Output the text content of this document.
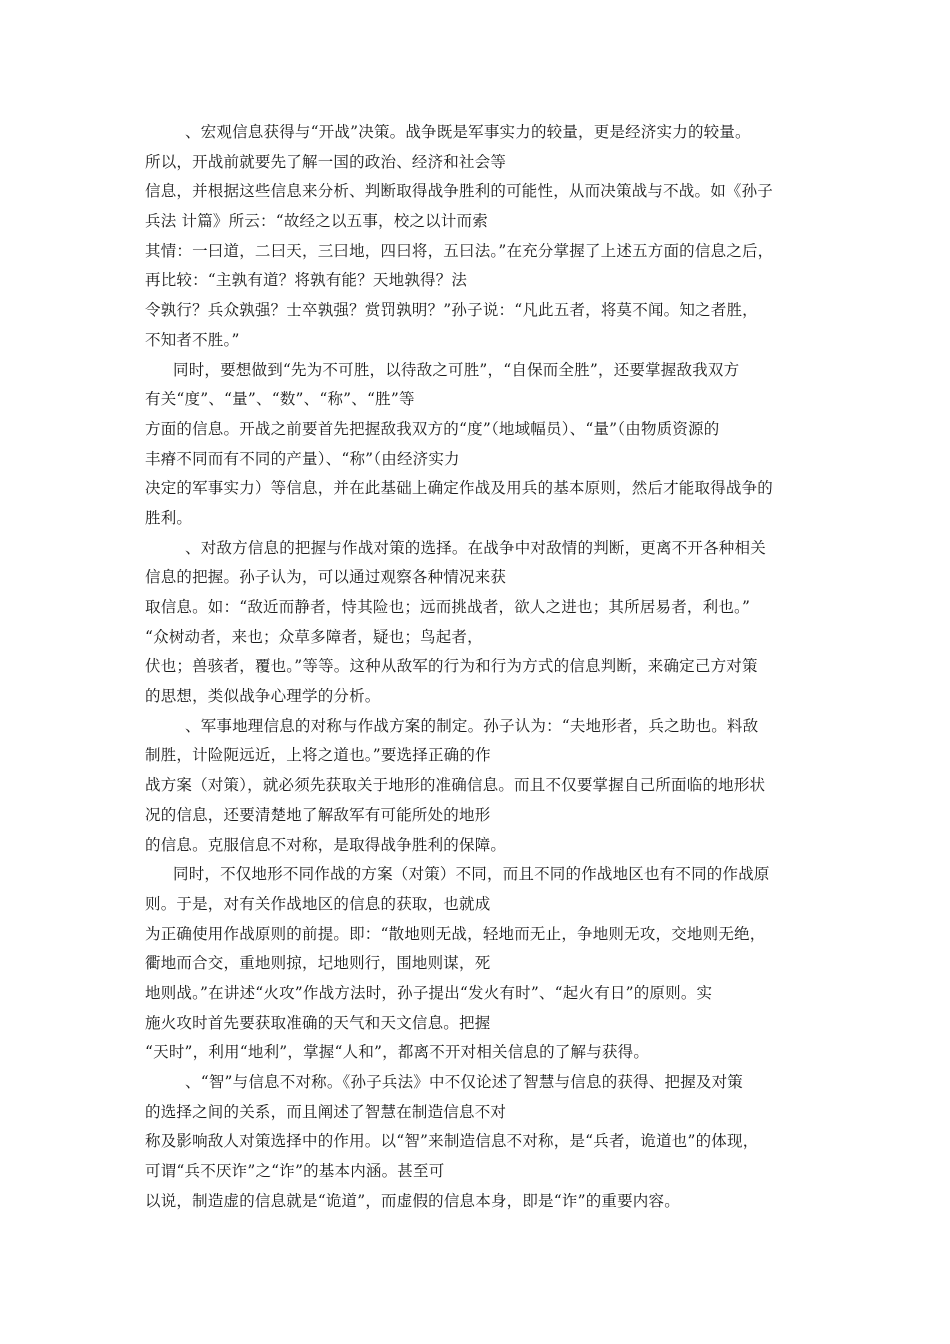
、宏观信息获得与“开战”决策。战争既是军事实力的较量，更是经济实力的较量。
所以，开战前就要先了解一国的政治、经济和社会等
信息，并根据这些信息来分析、判断取得战争胜利的可能性，从而决策战与不战。如《孙子
兵法 计篇》所云：“故经之以五事，校之以计而索
其情：一曰道，二曰天，三曰地，四曰将，五曰法。”在充分掌握了上述五方面的信息之后，
再比较：“主孰有道？将孰有能？天地孰得？法
令孰行？兵众孰强？士卒孰强？赏罚孰明？”孙子说：“凡此五者，将莫不闻。知之者胜，
不知者不胜。”
同时，要想做到“先为不可胜，以待敌之可胜”，“自保而全胜”，还要掌握敌我双方
有关“度”、“量”、“数”、“称”、“胜”等
方面的信息。开战之前要首先把握敌我双方的“度”（地域幅员）、“量”（由物质资源的
丰瘠不同而有不同的产量）、“称”（由经济实力
决定的军事实力）等信息，并在此基础上确定作战及用兵的基本原则，然后才能取得战争的
胜利。
、对敌方信息的把握与作战对策的选择。在战争中对敌情的判断，更离不开各种相关
信息的把握。孙子认为，可以通过观察各种情况来获
取信息。如：“敌近而静者，恃其险也；远而挑战者，欲人之进也；其所居易者，利也。”
“众树动者，来也；众草多障者，疑也；鸟起者，
伏也；兽骇者，覆也。”等等。这种从敌军的行为和行为方式的信息判断，来确定己方对策
的思想，类似战争心理学的分析。
、军事地理信息的对称与作战方案的制定。孙子认为：“夫地形者，兵之助也。料敌
制胜，计险阨远近，上将之道也。”要选择正确的作
战方案（对策），就必须先获取关于地形的准确信息。而且不仅要掌握自己所面临的地形状
况的信息，还要清楚地了解敌军有可能所处的地形
的信息。克服信息不对称，是取得战争胜利的保障。
同时，不仅地形不同作战的方案（对策）不同，而且不同的作战地区也有不同的作战原
则。于是，对有关作战地区的信息的获取，也就成
为正确使用作战原则的前提。即：“散地则无战，轻地而无止，争地则无攻，交地则无绝，
衢地而合交，重地则掠，圮地则行，围地则谋，死
地则战。”在讲述“火攻”作战方法时，孙子提出“发火有时”、“起火有日”的原则。实
施火攻时首先要获取准确的天气和天文信息。把握
“天时”，利用“地利”，掌握“人和”，都离不开对相关信息的了解与获得。
、“智”与信息不对称。《孙子兵法》中不仅论述了智慧与信息的获得、把握及对策
的选择之间的关系，而且阐述了智慧在制造信息不对
称及影响敌人对策选择中的作用。以“智”来制造信息不对称，是“兵者，诡道也”的体现，
可谓“兵不厌诈”之“诈”的基本内涵。甚至可
以说，制造虚的信息就是“诡道”，而虚假的信息本身，即是“诈”的重要内容。
